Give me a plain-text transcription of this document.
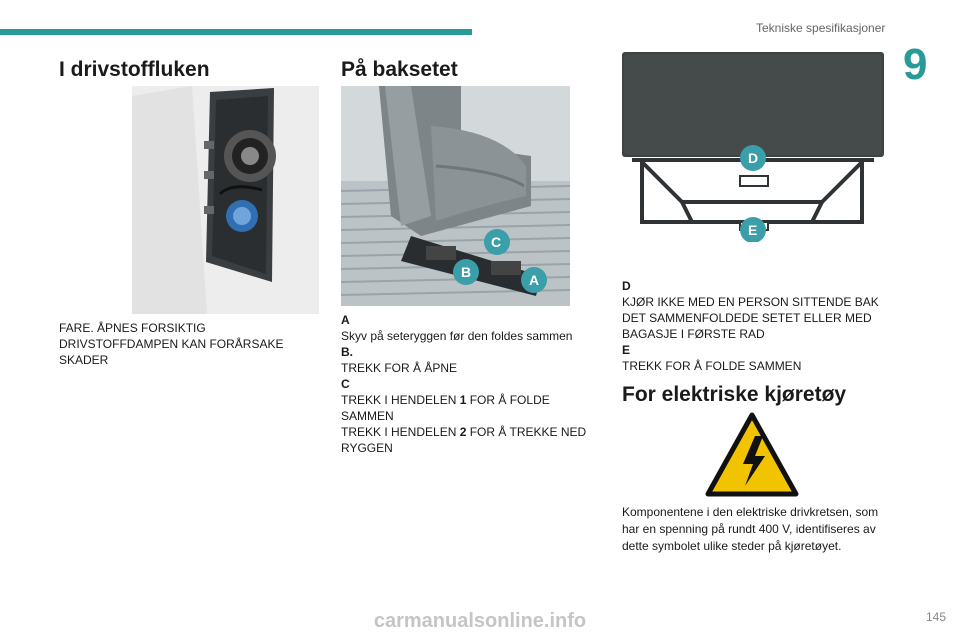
Tekniske spesifikasjoner
9
I drivstoffluken

FARE. ÅPNES FORSIKTIG

DRIVSTOFFDAMPEN KAN FORÅRSAKE

SKADER

På baksetet
C
B	A

A

Skyv på seteryggen før den foldes sammen

B.

TREKK FOR Å ÅPNE

C

TREKK I HENDELEN 1 FOR Å FOLDE

SAMMEN

TREKK I HENDELEN 2 FOR Å TREKKE NED

RYGGEN

D
E

D

KJØR IKKE MED EN PERSON SITTENDE BAK

DET SAMMENFOLDEDE SETET ELLER MED

BAGASJE I FØRSTE RAD

E

TREKK FOR Å FOLDE SAMMEN

For elektriske kjøretøy

Komponentene i den elektriske drivkretsen, som

har en spenning på rundt 400 V, identifiseres av

dette symbolet ulike steder på kjøretøyet.

145
carmanualsonline.info
